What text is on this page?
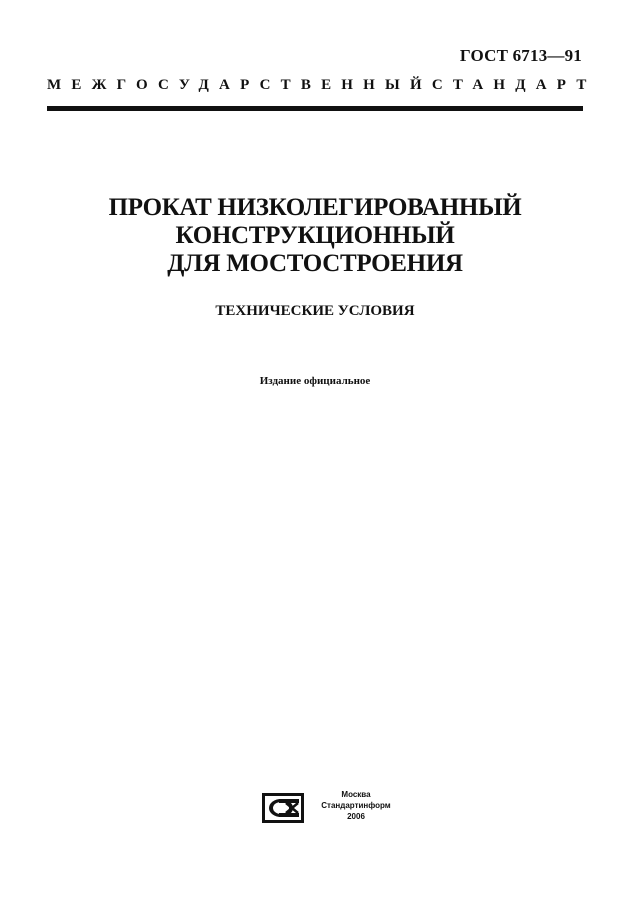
ГОСТ 6713—91
МЕЖГОСУДАРСТВЕННЫЙ СТАНДАРТ
ПРОКАТ НИЗКОЛЕГИРОВАННЫЙ
КОНСТРУКЦИОННЫЙ
ДЛЯ МОСТОСТРОЕНИЯ
ТЕХНИЧЕСКИЕ УСЛОВИЯ
Издание официальное
Москва
Стандартинформ
2006
